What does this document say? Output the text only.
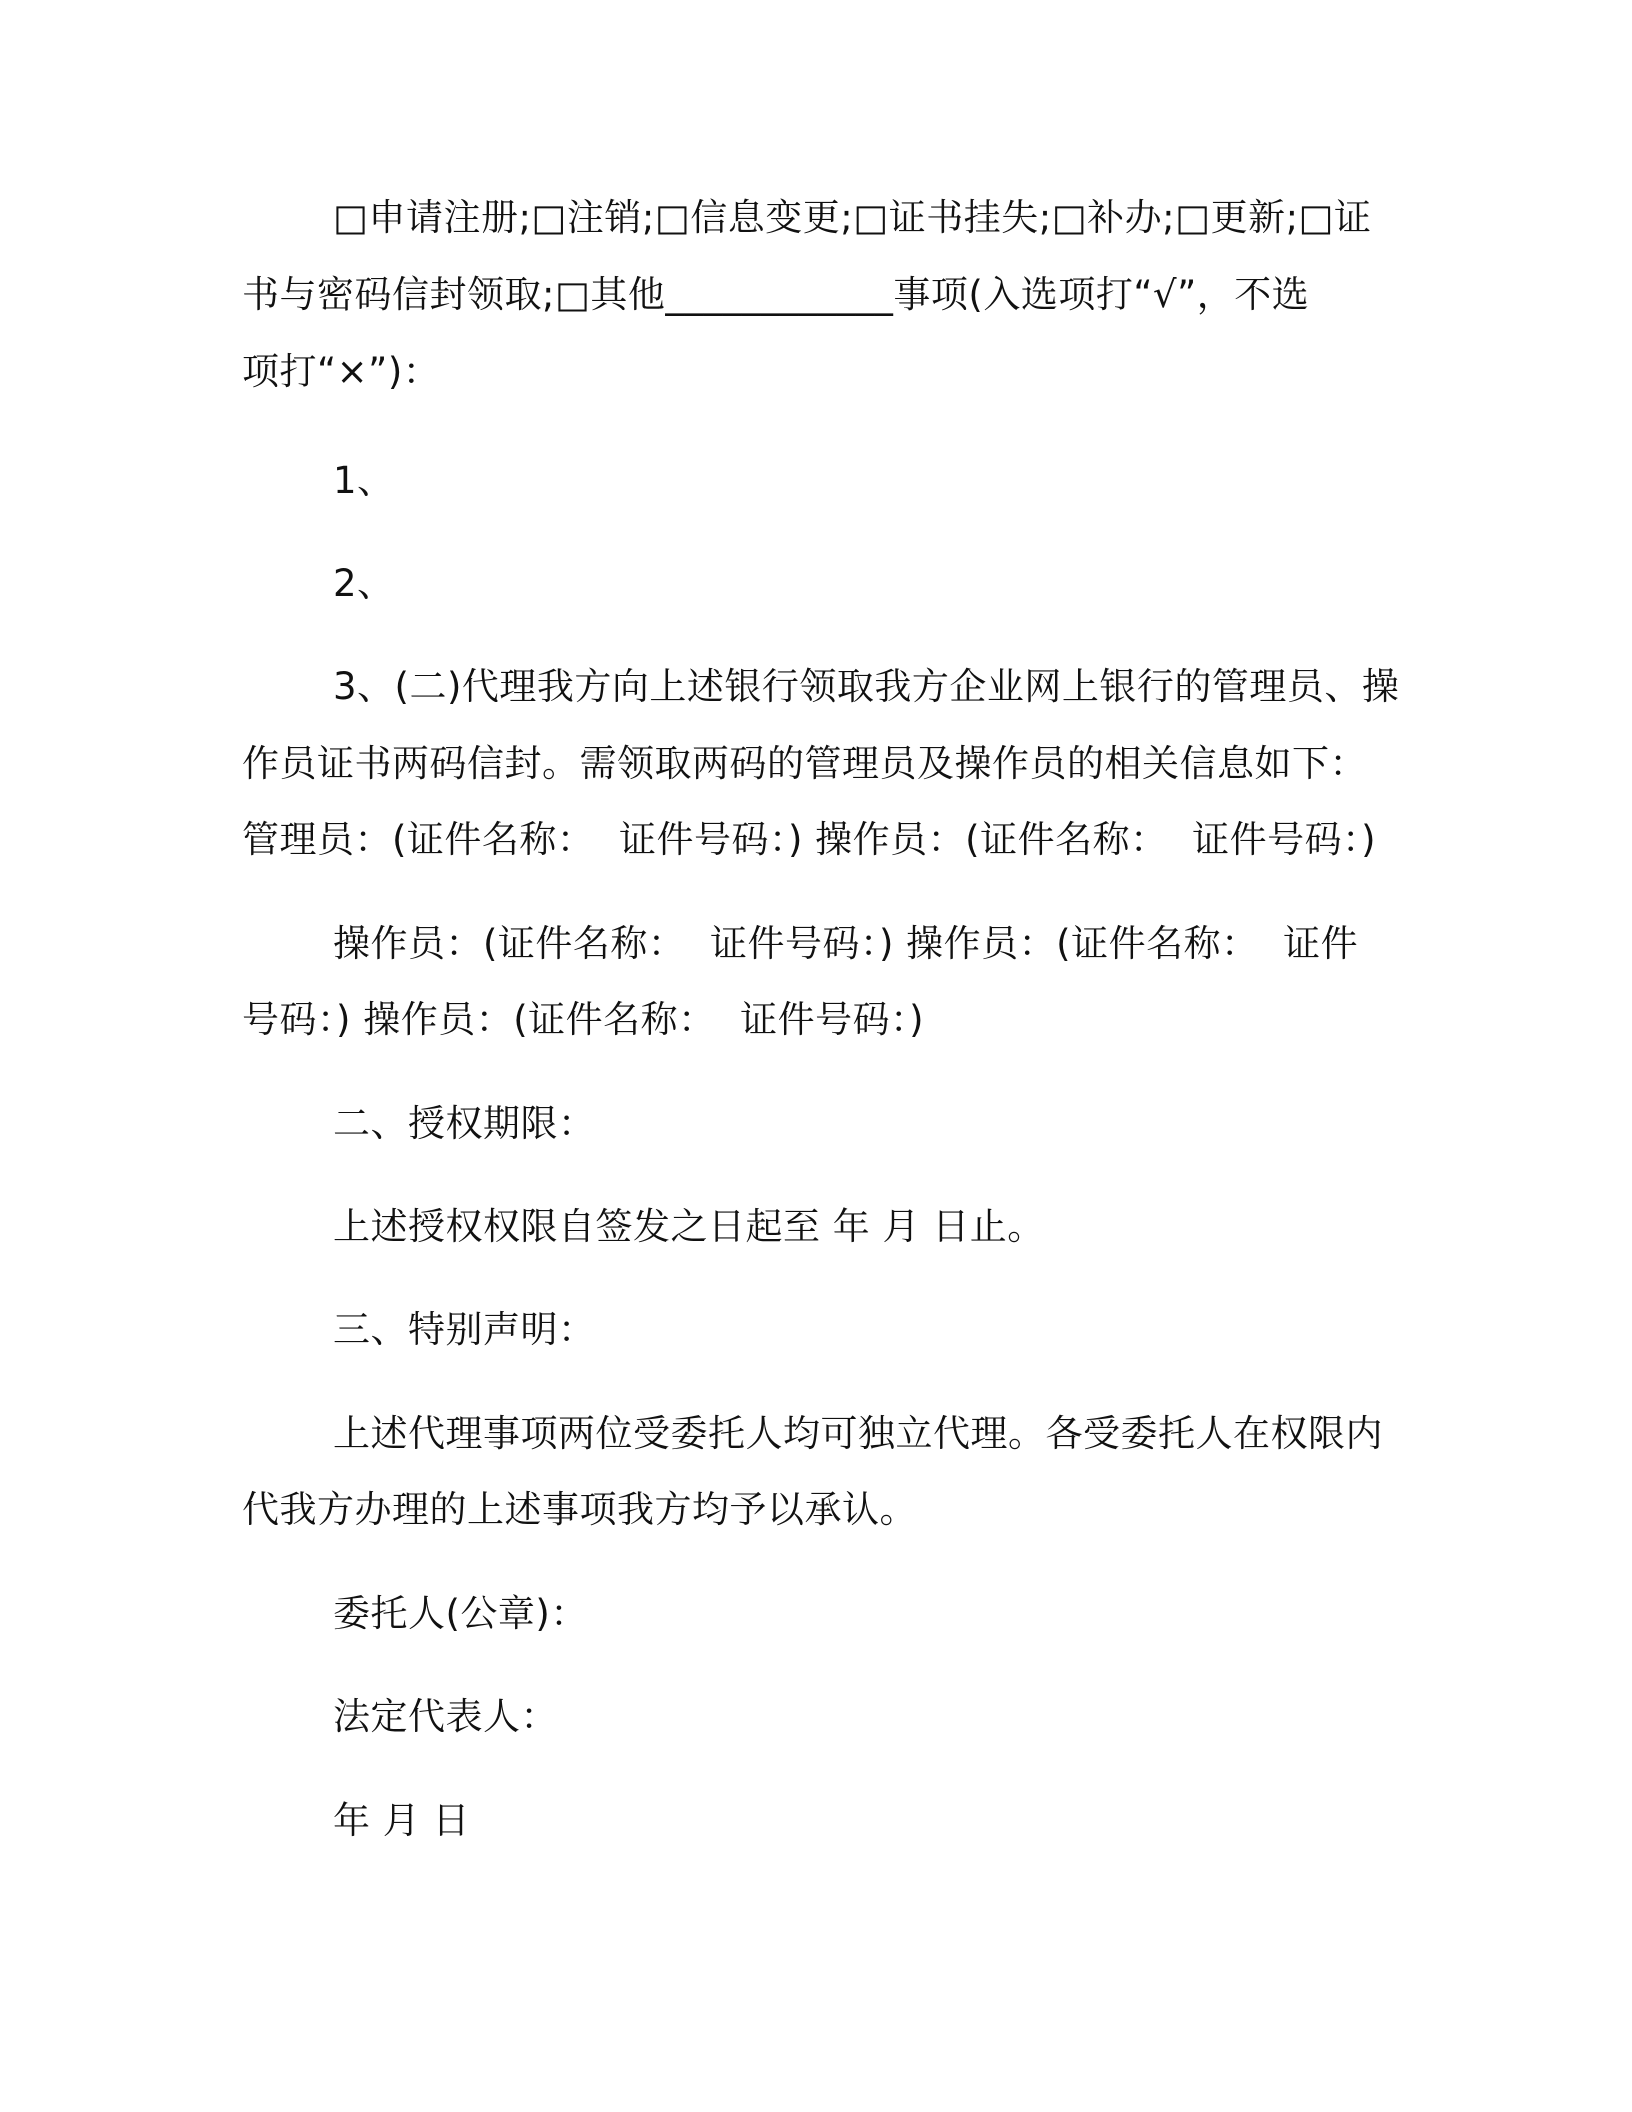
□申请注册;□注销;□信息变更;□证书挂失;□补办;□更新;□证
书与密码信封领取;□其他____________事项(入选项打“√”，不选
项打“×”)：
1、
2、
3、(二)代理我方向上述银行领取我方企业网上银行的管理员、操
作员证书两码信封。需领取两码的管理员及操作员的相关信息如下：
管理员：(证件名称：  证件号码：) 操作员：(证件名称：  证件号码：)
操作员：(证件名称：  证件号码：) 操作员：(证件名称：  证件
号码：) 操作员：(证件名称：  证件号码：)
二、授权期限：
上述授权权限自签发之日起至 年 月 日止。
三、特别声明：
上述代理事项两位受委托人均可独立代理。各受委托人在权限内
代我方办理的上述事项我方均予以承认。
委托人(公章)：
法定代表人：
年 月 日
